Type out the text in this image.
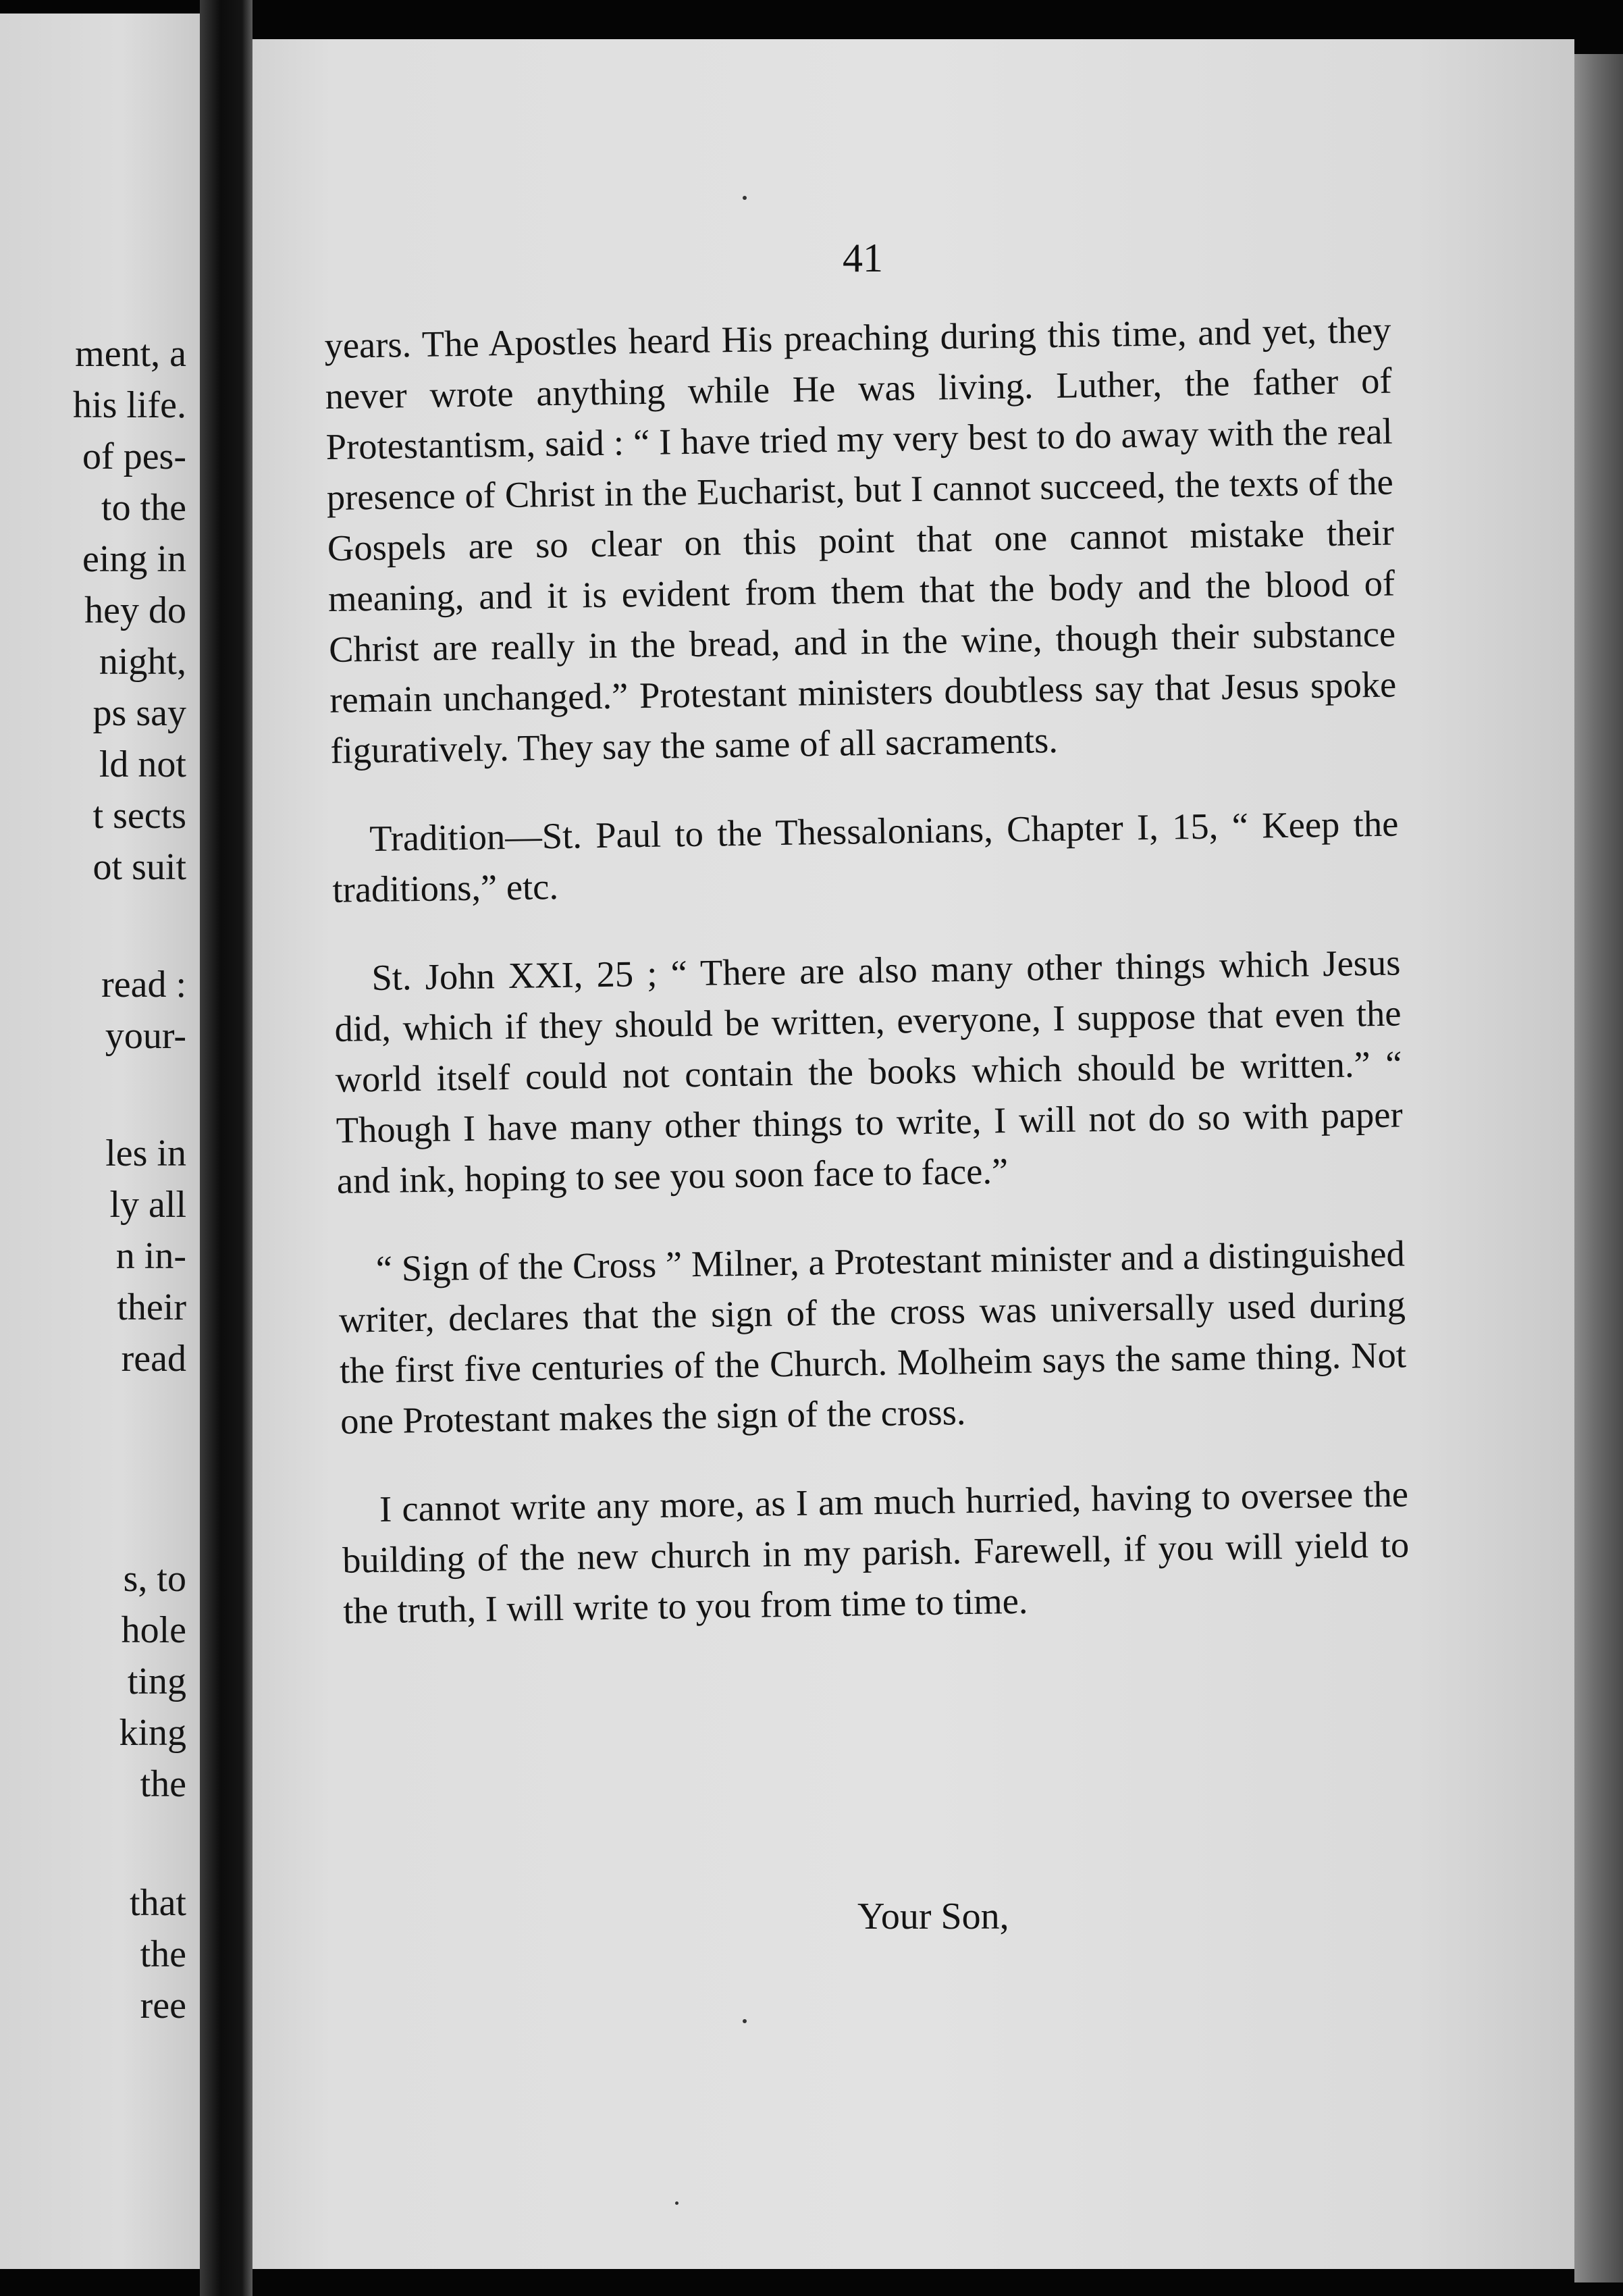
ment, a
his life.
of pes-
to the
eing in
hey do
night,
ps say
ld not
t sects
ot suit
read :
your-
les in
ly all
n in-
their
read
s, to
hole
ting
king
the
that
the
ree
41

years. The Apostles heard His preaching during this time, and yet, they never wrote anything while He was living. Luther, the father of Protestantism, said : “ I have tried my very best to do away with the real presence of Christ in the Eucharist, but I cannot succeed, the texts of the Gospels are so clear on this point that one cannot mistake their meaning, and it is evident from them that the body and the blood of Christ are really in the bread, and in the wine, though their substance remain unchanged.” Protestant ministers doubtless say that Jesus spoke figuratively. They say the same of all sacraments.

Tradition—St. Paul to the Thessalonians, Chapter I, 15, “ Keep the traditions,” etc.

St. John XXI, 25 ; “ There are also many other things which Jesus did, which if they should be written, everyone, I suppose that even the world itself could not contain the books which should be written.” “ Though I have many other things to write, I will not do so with paper and ink, hoping to see you soon face to face.”

“ Sign of the Cross ” Milner, a Protestant minister and a distinguished writer, declares that the sign of the cross was universally used during the first five centuries of the Church. Molheim says the same thing. Not one Protestant makes the sign of the cross.

I cannot write any more, as I am much hurried, having to oversee the building of the new church in my parish. Farewell, if you will yield to the truth, I will write to you from time to time.

Your Son,
